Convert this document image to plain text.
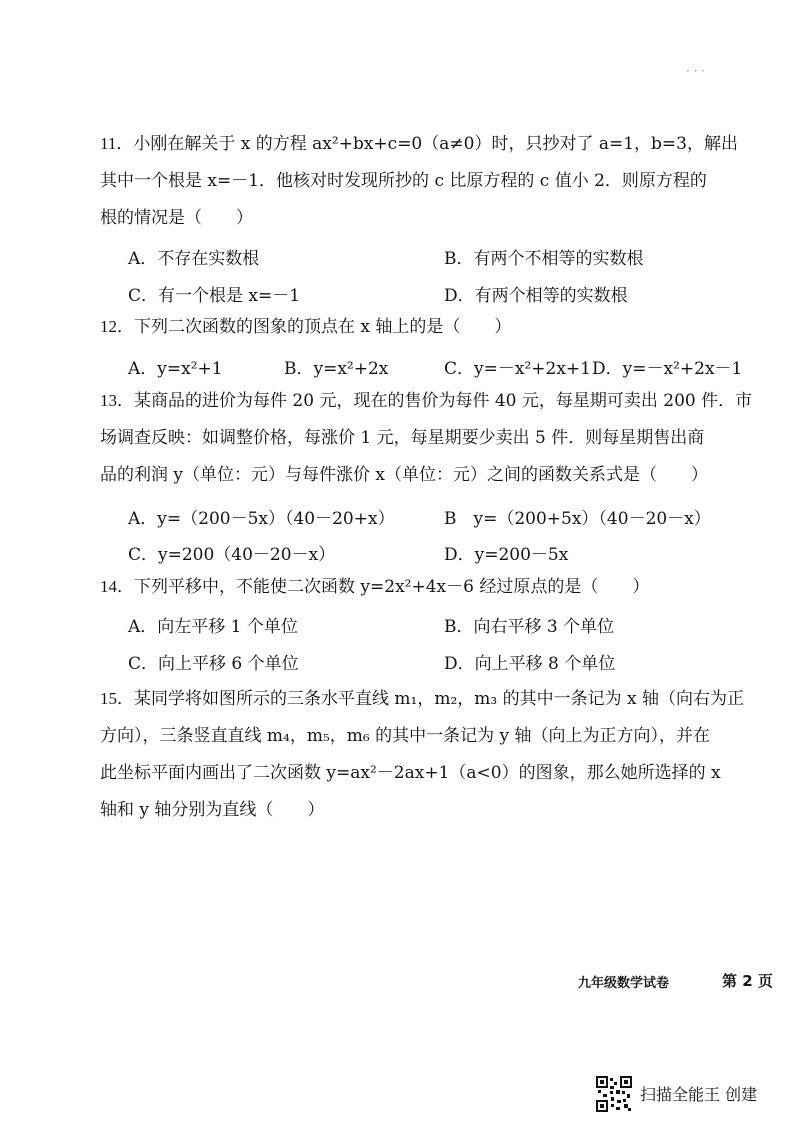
· · ·
11．小刚在解关于 x 的方程 ax²+bx+c=0（a≠0）时，只抄对了 a=1，b=3，解出
其中一个根是 x=－1．他核对时发现所抄的 c 比原方程的 c 值小 2．则原方程的
根的情况是（　　）
A．不存在实数根	B．有两个不相等的实数根
C．有一个根是 x=－1	D．有两个相等的实数根
12．下列二次函数的图象的顶点在 x 轴上的是（　　）
A．y=x²+1	B．y=x²+2x	C．y=－x²+2x+1 D．y=－x²+2x－1
13．某商品的进价为每件 20 元，现在的售价为每件 40 元，每星期可卖出 200 件．市
场调查反映：如调整价格，每涨价 1 元，每星期要少卖出 5 件．则每星期售出商
品的利润 y（单位：元）与每件涨价 x（单位：元）之间的函数关系式是（　　）
A．y=（200－5x）（40－20+x）	B　y=（200+5x）（40－20－x）
C．y=200（40－20－x）	D．y=200－5x
14．下列平移中，不能使二次函数 y=2x²+4x－6 经过原点的是（　　）
A．向左平移 1 个单位	B．向右平移 3 个单位
C．向上平移 6 个单位	D．向上平移 8 个单位
15．某同学将如图所示的三条水平直线 m₁，m₂，m₃ 的其中一条记为 x 轴（向右为正
方向），三条竖直直线 m₄，m₅，m₆ 的其中一条记为 y 轴（向上为正方向），并在
此坐标平面内画出了二次函数 y=ax²－2ax+1（a<0）的图象，那么她所选择的 x
轴和 y 轴分别为直线（　　）
九年级数学试卷	第 2 页
扫描全能王 创建
